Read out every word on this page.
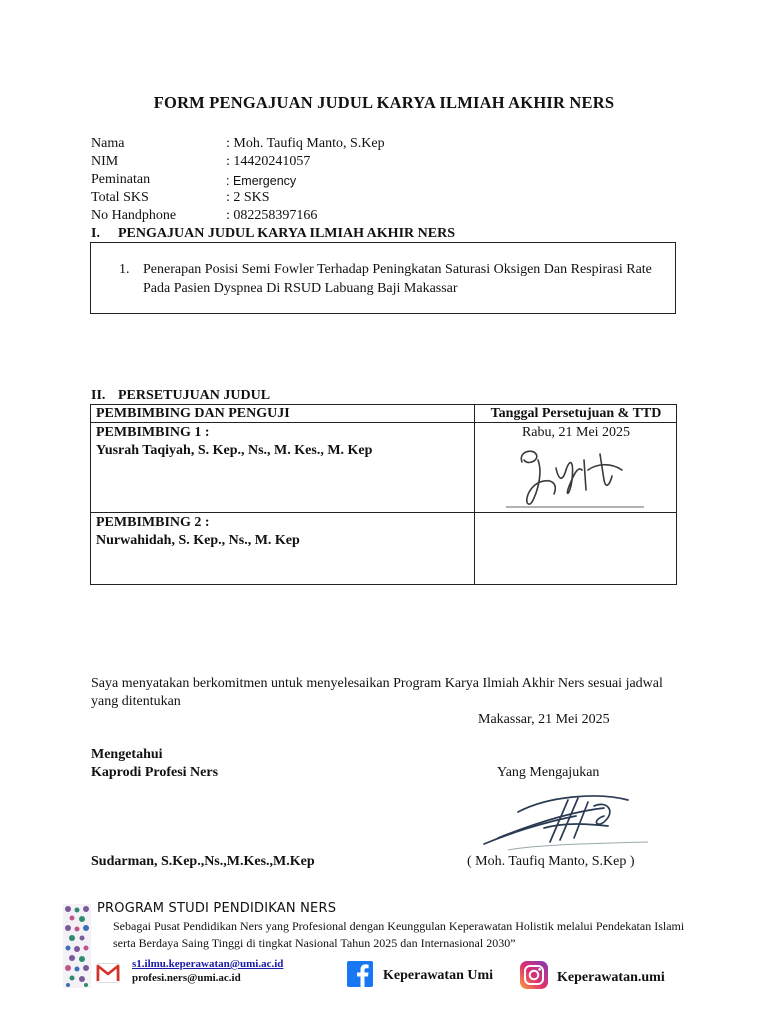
FORM PENGAJUAN JUDUL KARYA ILMIAH AKHIR NERS
Nama	: Moh. Taufiq Manto, S.Kep
NIM	: 14420241057
Peminatan	: Emergency
Total SKS	: 2 SKS
No Handphone	: 082258397166
I. PENGAJUAN JUDUL KARYA ILMIAH AKHIR NERS
1. Penerapan Posisi Semi Fowler Terhadap Peningkatan Saturasi Oksigen Dan Respirasi Rate Pada Pasien Dyspnea Di RSUD Labuang Baji Makassar
II. PERSETUJUAN JUDUL
PEMBIMBING DAN PENGUJI	Tanggal Persetujuan & TTD
PEMBIMBING 1 :
Yusrah Taqiyah, S. Kep., Ns., M. Kes., M. Kep
Rabu, 21 Mei 2025
PEMBIMBING 2 :
Nurwahidah, S. Kep., Ns., M. Kep
Saya menyatakan berkomitmen untuk menyelesaikan Program Karya Ilmiah Akhir Ners sesuai jadwal yang ditentukan
Makassar, 21 Mei 2025
Mengetahui
Kaprodi Profesi Ners	Yang Mengajukan
Sudarman, S.Kep.,Ns.,M.Kes.,M.Kep	( Moh. Taufiq Manto, S.Kep )
PROGRAM STUDI PENDIDIKAN NERS
Sebagai Pusat Pendidikan Ners yang Profesional dengan Keunggulan Keperawatan Holistik melalui Pendekatan Islami serta Berdaya Saing Tinggi di tingkat Nasional Tahun 2025 dan Internasional 2030”
s1.ilmu.keperawatan@umi.ac.id
profesi.ners@umi.ac.id	Keperawatan Umi	Keperawatan.umi
